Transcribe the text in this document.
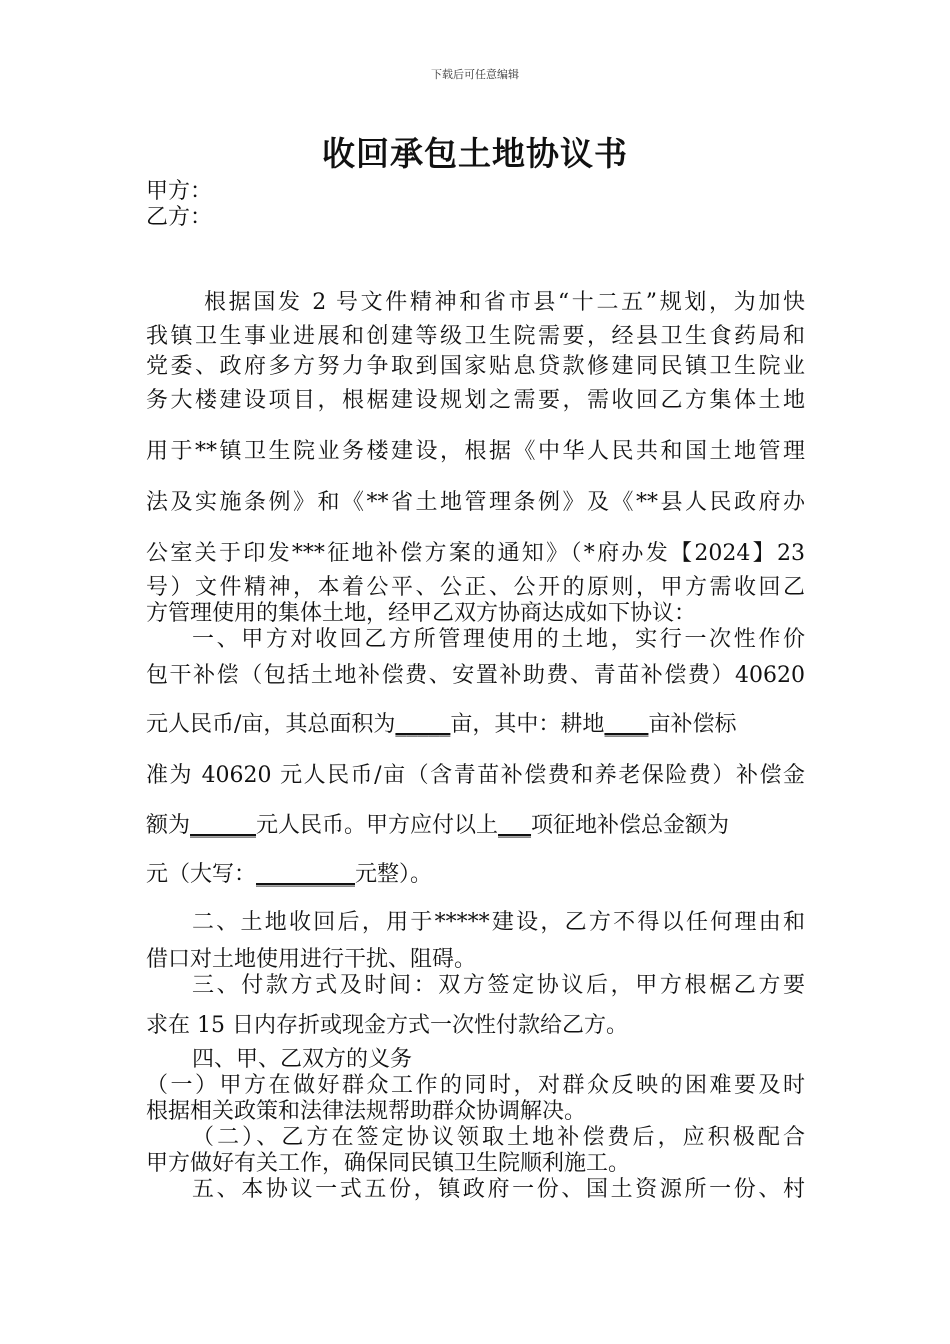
下载后可任意编辑
收回承包土地协议书
甲方：
乙方：
根据国发 2 号文件精神和省市县“十二五”规划，为加快
我镇卫生事业进展和创建等级卫生院需要，经县卫生食药局和
党委、政府多方努力争取到国家贴息贷款修建同民镇卫生院业
务大楼建设项目，根椐建设规划之需要，需收回乙方集体土地
用于**镇卫生院业务楼建设，根据《中华人民共和国土地管理
法及实施条例》和《**省土地管理条例》及《**县人民政府办
公室关于印发***征地补偿方案的通知》（*府办发【2024】23
号）文件精神，本着公平、公正、公开的原则，甲方需收回乙
方管理使用的集体土地，经甲乙双方协商达成如下协议：
一、甲方对收回乙方所管理使用的土地，实行一次性作价
包干补偿（包括土地补偿费、安置补助费、青苗补偿费）40620
元人民币/亩，其总面积为_____亩，其中：耕地____亩补偿标
准为 40620 元人民币/亩（含青苗补偿费和养老保险费）补偿金
额为______元人民币。甲方应付以上___项征地补偿总金额为
元（大写：_________元整）。
二、土地收回后，用于*****建设，乙方不得以任何理由和
借口对土地使用进行干扰、阻碍。
三、付款方式及时间：双方签定协议后，甲方根椐乙方要
求在 15 日内存折或现金方式一次性付款给乙方。
四、甲、乙双方的义务
（一）甲方在做好群众工作的同时，对群众反映的困难要及时
根据相关政策和法律法规帮助群众协调解决。
（二）、乙方在签定协议领取土地补偿费后，应积极配合
甲方做好有关工作，确保同民镇卫生院顺利施工。
五、本协议一式五份，镇政府一份、国土资源所一份、村
